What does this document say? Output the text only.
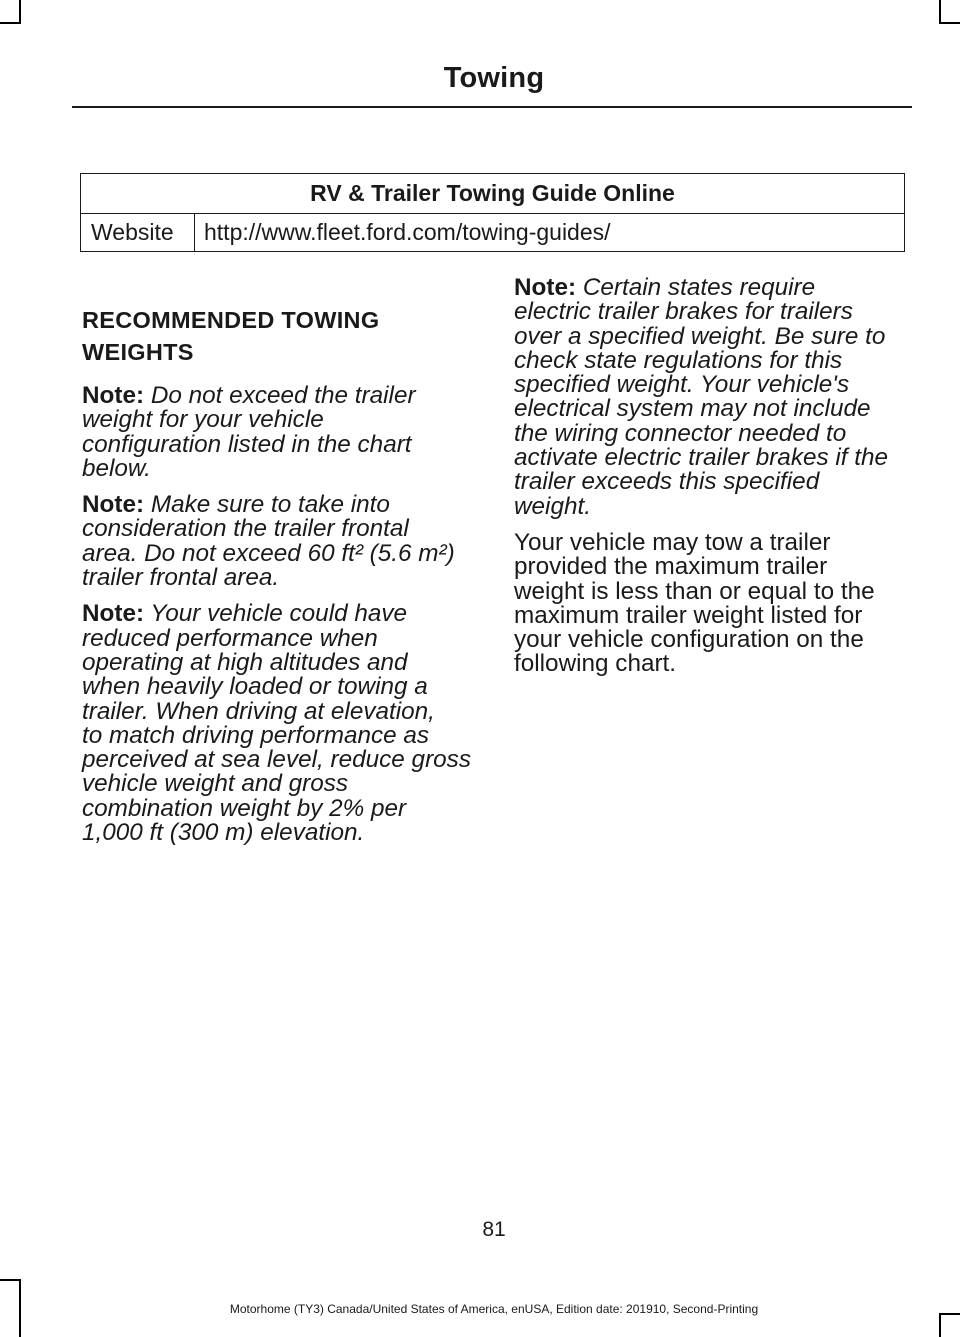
Towing
RV & Trailer Towing Guide Online
Website	http://www.fleet.ford.com/towing-guides/
RECOMMENDED TOWING
WEIGHTS

Note: Do not exceed the trailer
weight for your vehicle
configuration listed in the chart
below.

Note: Make sure to take into
consideration the trailer frontal
area. Do not exceed 60 ft² (5.6 m²)
trailer frontal area.

Note: Your vehicle could have
reduced performance when
operating at high altitudes and
when heavily loaded or towing a
trailer. When driving at elevation,
to match driving performance as
perceived at sea level, reduce gross
vehicle weight and gross
combination weight by 2% per
1,000 ft (300 m) elevation.

Note: Certain states require
electric trailer brakes for trailers
over a specified weight. Be sure to
check state regulations for this
specified weight. Your vehicle's
electrical system may not include
the wiring connector needed to
activate electric trailer brakes if the
trailer exceeds this specified
weight.

Your vehicle may tow a trailer
provided the maximum trailer
weight is less than or equal to the
maximum trailer weight listed for
your vehicle configuration on the
following chart.

81
Motorhome (TY3) Canada/United States of America, enUSA, Edition date: 201910, Second-Printing
